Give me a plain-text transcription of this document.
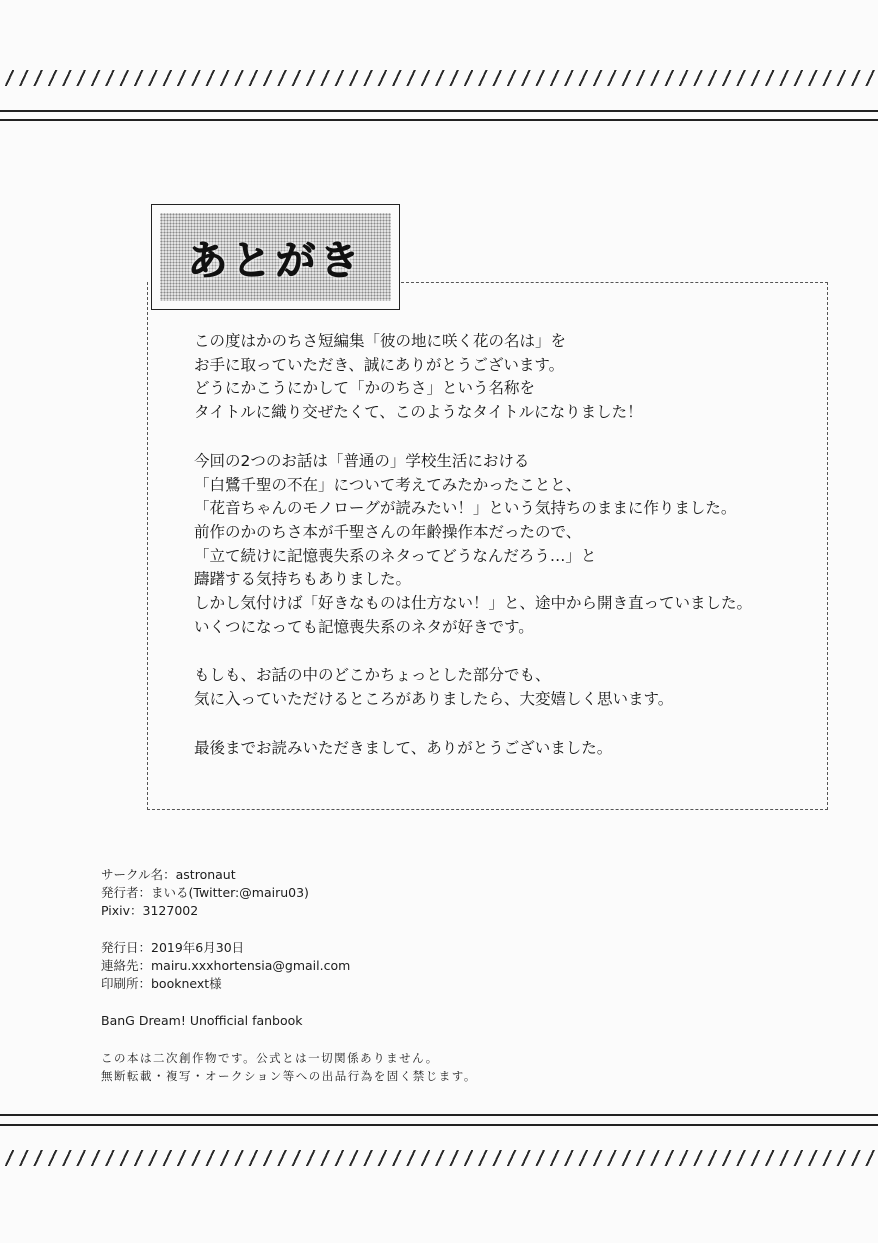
あとがき
この度はかのちさ短編集「彼の地に咲く花の名は」を
お手に取っていただき、誠にありがとうございます。
どうにかこうにかして「かのちさ」という名称を
タイトルに織り交ぜたくて、このようなタイトルになりました！
今回の2つのお話は「普通の」学校生活における
「白鷺千聖の不在」について考えてみたかったことと、
「花音ちゃんのモノローグが読みたい！」という気持ちのままに作りました。
前作のかのちさ本が千聖さんの年齢操作本だったので、
「立て続けに記憶喪失系のネタってどうなんだろう…」と
躊躇する気持ちもありました。
しかし気付けば「好きなものは仕方ない！」と、途中から開き直っていました。
いくつになっても記憶喪失系のネタが好きです。
もしも、お話の中のどこかちょっとした部分でも、
気に入っていただけるところがありましたら、大変嬉しく思います。
最後までお読みいただきまして、ありがとうございました。
サークル名：astronaut
発行者：まいる(Twitter:@mairu03)
Pixiv：3127002
発行日：2019年6月30日
連絡先：mairu.xxxhortensia@gmail.com
印刷所：booknext様
BanG Dream! Unofficial fanbook
この本は二次創作物です。公式とは一切関係ありません。
無断転載・複写・オークション等への出品行為を固く禁じます。
